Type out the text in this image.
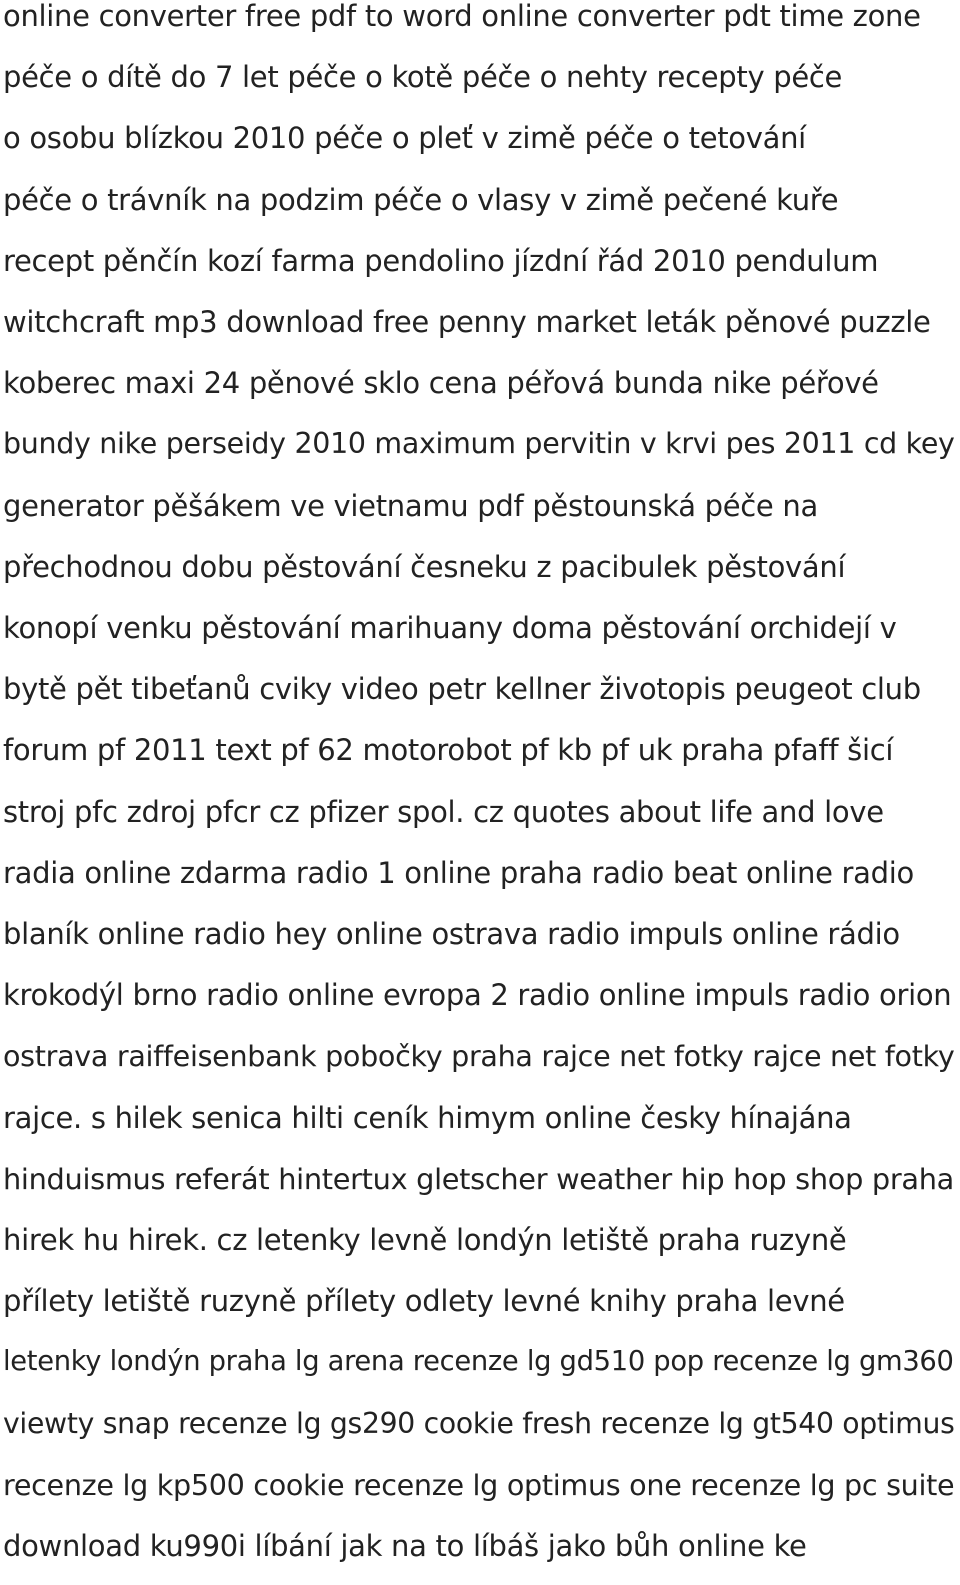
online converter free pdf to word online converter pdt time zone
péče o dítě do 7 let péče o kotě péče o nehty recepty péče
o osobu blízkou 2010 péče o pleť v zimě péče o tetování
péče o trávník na podzim péče o vlasy v zimě pečené kuře
recept pěnčín kozí farma pendolino jízdní řád 2010 pendulum
witchcraft mp3 download free penny market leták pěnové puzzle
koberec maxi 24 pěnové sklo cena péřová bunda nike péřové
bundy nike perseidy 2010 maximum pervitin v krvi pes 2011 cd key
generator pěšákem ve vietnamu pdf pěstounská péče na
přechodnou dobu pěstování česneku z pacibulek pěstování
konopí venku pěstování marihuany doma pěstování orchidejí v
bytě pět tibeťanů cviky video petr kellner životopis peugeot club
forum pf 2011 text pf 62 motorobot pf kb pf uk praha pfaff šicí
stroj pfc zdroj pfcr cz pfizer spol. cz quotes about life and love
radia online zdarma radio 1 online praha radio beat online radio
blaník online radio hey online ostrava radio impuls online rádio
krokodýl brno radio online evropa 2 radio online impuls radio orion
ostrava raiffeisenbank pobočky praha rajce net fotky rajce net fotky
rajce. s hilek senica hilti ceník himym online česky hínajána
hinduismus referát hintertux gletscher weather hip hop shop praha
hirek hu hirek. cz letenky levně londýn letiště praha ruzyně
přílety letiště ruzyně přílety odlety levné knihy praha levné
letenky londýn praha lg arena recenze lg gd510 pop recenze lg gm360
viewty snap recenze lg gs290 cookie fresh recenze lg gt540 optimus
recenze lg kp500 cookie recenze lg optimus one recenze lg pc suite
download ku990i líbání jak na to líbáš jako bůh online ke
